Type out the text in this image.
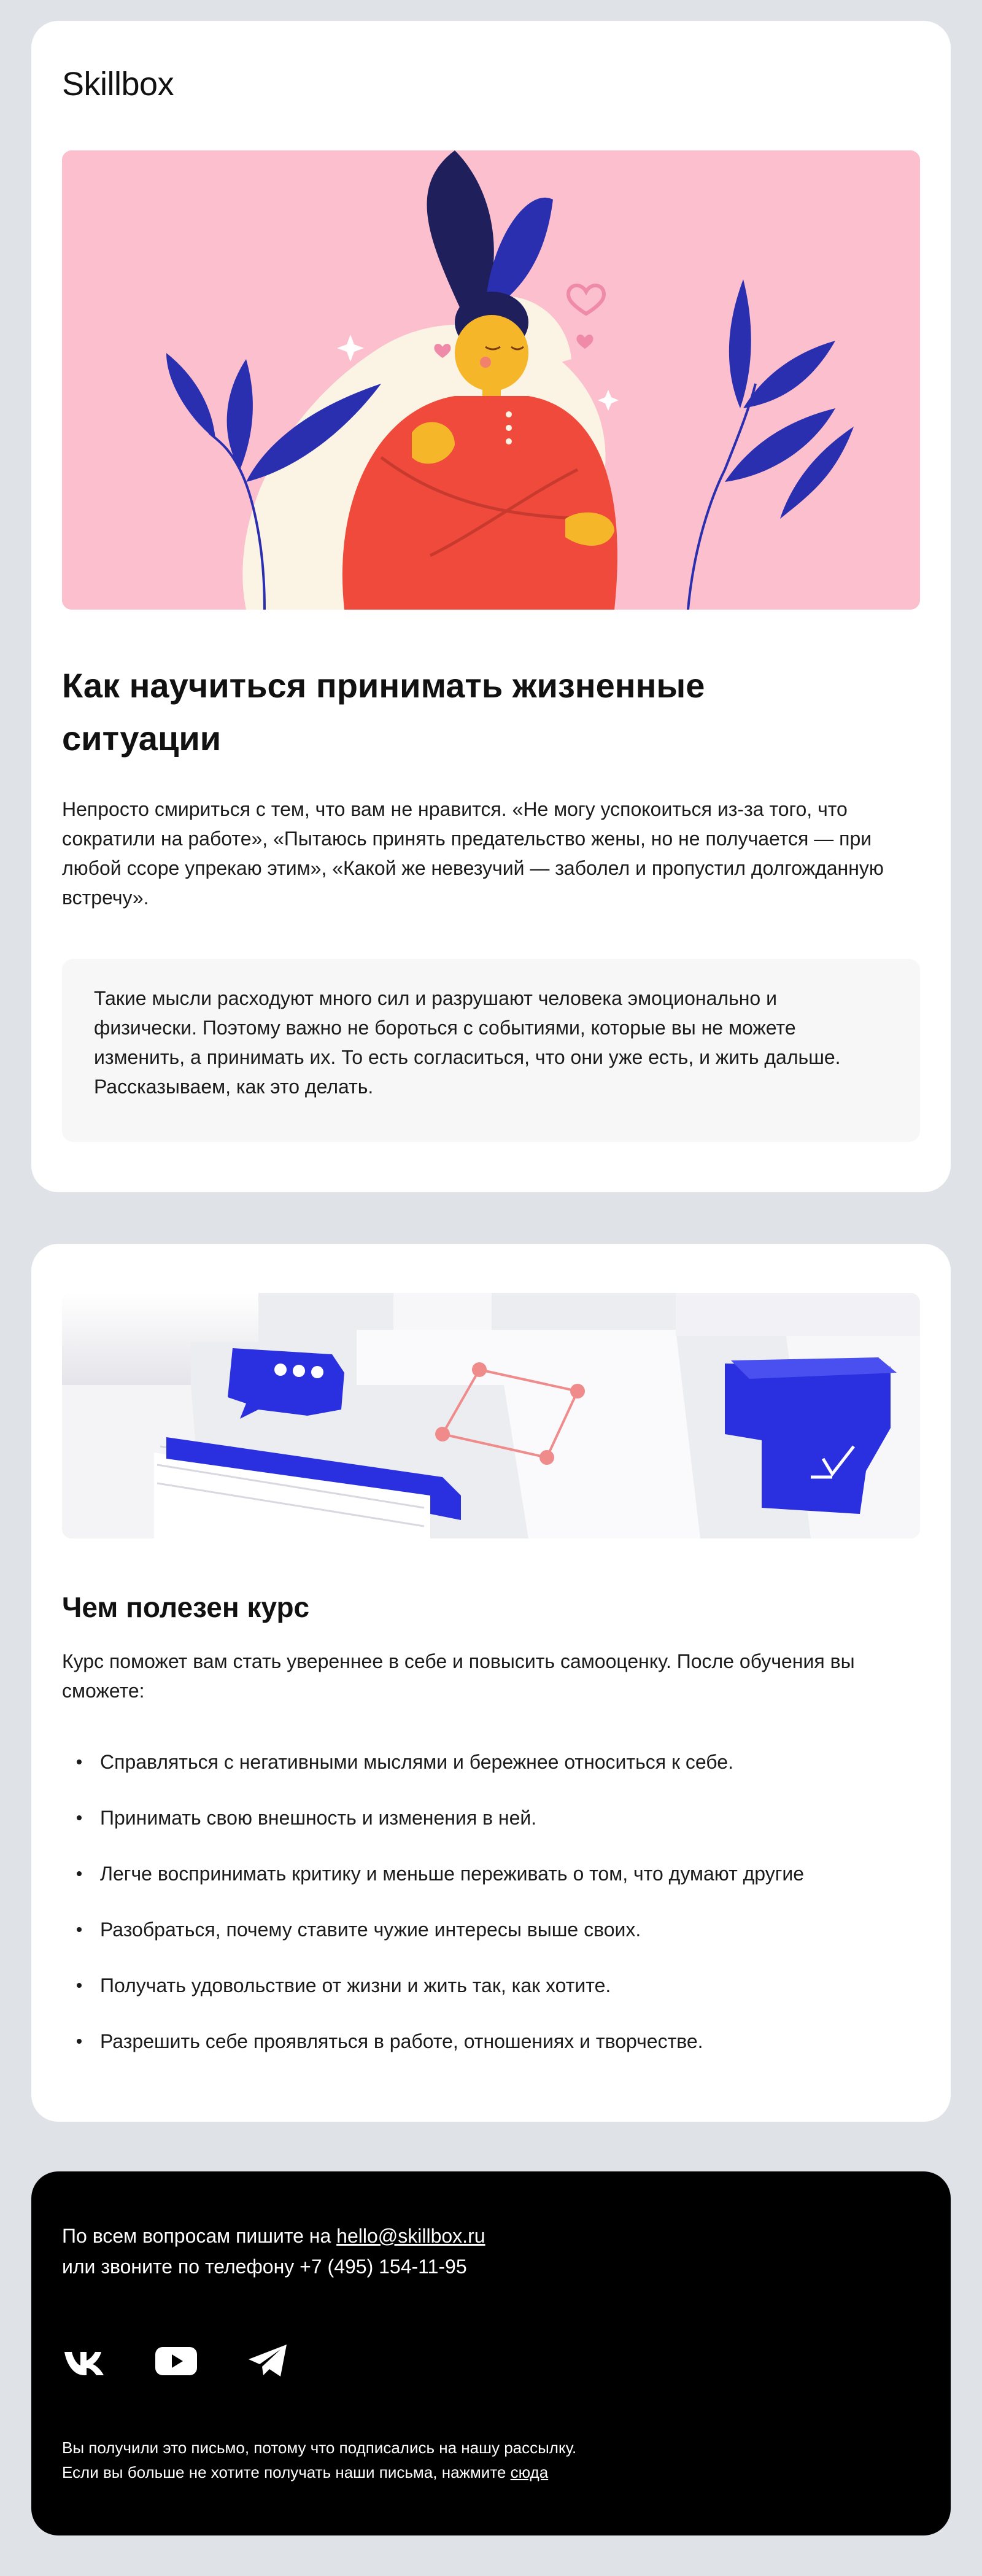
Skillbox
Как научиться принимать жизненные ситуации

Непросто смириться с тем, что вам не нравится. «Не могу успокоиться из-за того, что сократили на работе», «Пытаюсь принять предательство жены, но не получается — при любой ссоре упрекаю этим», «Какой же невезучий — заболел и пропустил долгожданную встречу».

Такие мысли расходуют много сил и разрушают человека эмоционально и физически. Поэтому важно не бороться с событиями, которые вы не можете изменить, а принимать их. То есть согласиться, что они уже есть, и жить дальше. Рассказываем, как это делать.

Чем полезен курс

Курс поможет вам стать увереннее в себе и повысить самооценку. После обучения вы сможете:

Справляться с негативными мыслями и бережнее относиться к себе.
Принимать свою внешность и изменения в ней.
Легче воспринимать критику и меньше переживать о том, что думают другие
Разобраться, почему ставите чужие интересы выше своих.
Получать удовольствие от жизни и жить так, как хотите.
Разрешить себе проявляться в работе, отношениях и творчестве.

По всем вопросам пишите на hello@skillbox.ru
или звоните по телефону +7 (495) 154-11-95

Вы получили это письмо, потому что подписались на нашу рассылку.
Если вы больше не хотите получать наши письма, нажмите сюда
